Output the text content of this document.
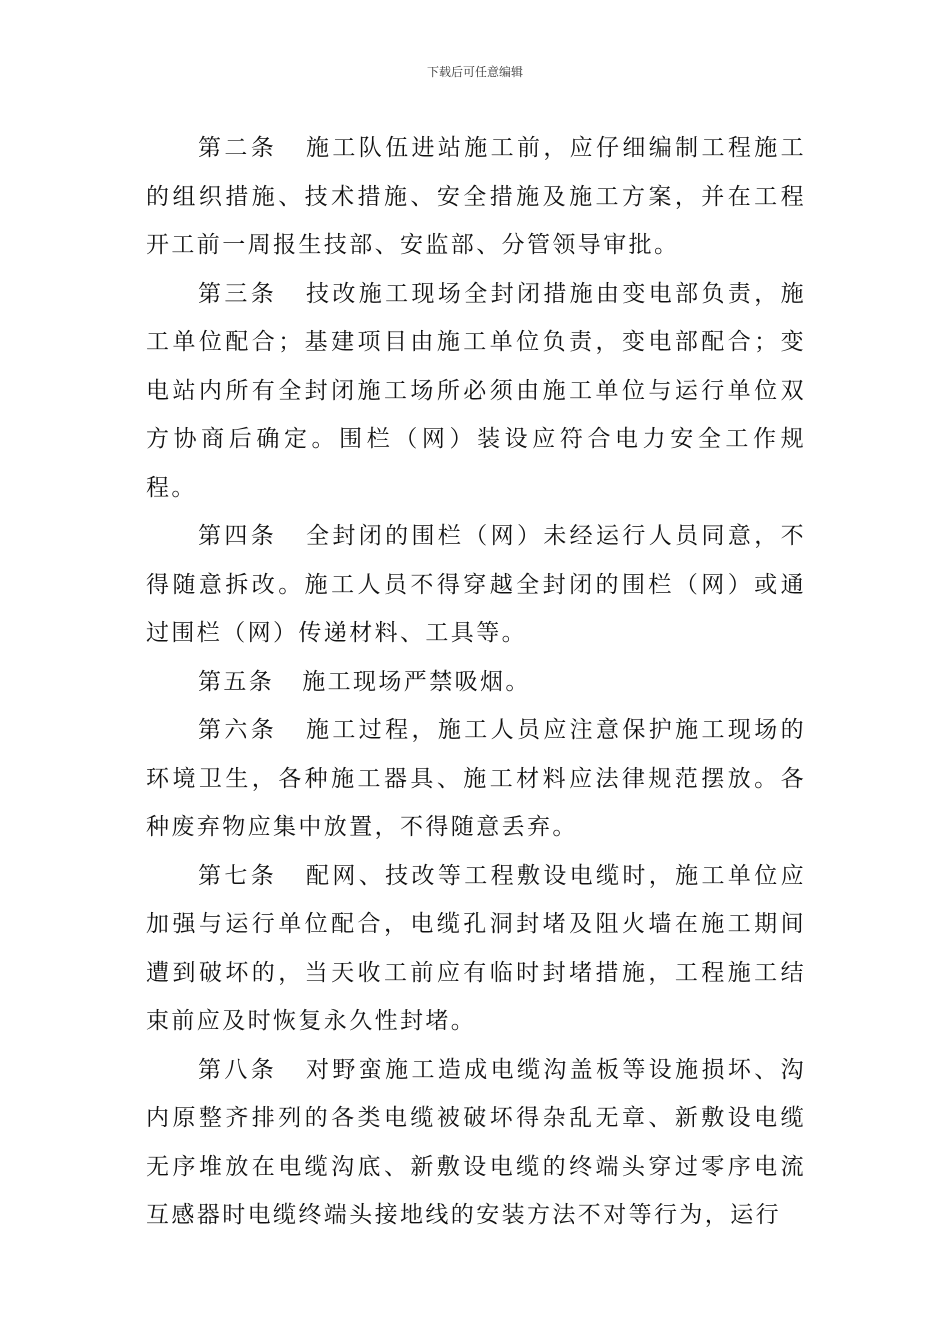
下载后可任意编辑

第二条 施工队伍进站施工前，应仔细编制工程施工的组织措施、技术措施、安全措施及施工方案，并在工程开工前一周报生技部、安监部、分管领导审批。

第三条 技改施工现场全封闭措施由变电部负责，施工单位配合；基建项目由施工单位负责，变电部配合；变电站内所有全封闭施工场所必须由施工单位与运行单位双方协商后确定。围栏（网）装设应符合电力安全工作规程。

第四条 全封闭的围栏（网）未经运行人员同意，不得随意拆改。施工人员不得穿越全封闭的围栏（网）或通过围栏（网）传递材料、工具等。

第五条 施工现场严禁吸烟。

第六条 施工过程，施工人员应注意保护施工现场的环境卫生，各种施工器具、施工材料应法律规范摆放。各种废弃物应集中放置，不得随意丢弃。

第七条 配网、技改等工程敷设电缆时，施工单位应加强与运行单位配合，电缆孔洞封堵及阻火墙在施工期间遭到破坏的，当天收工前应有临时封堵措施，工程施工结束前应及时恢复永久性封堵。

第八条 对野蛮施工造成电缆沟盖板等设施损坏、沟内原整齐排列的各类电缆被破坏得杂乱无章、新敷设电缆无序堆放在电缆沟底、新敷设电缆的终端头穿过零序电流互感器时电缆终端头接地线的安装方法不对等行为，运行
